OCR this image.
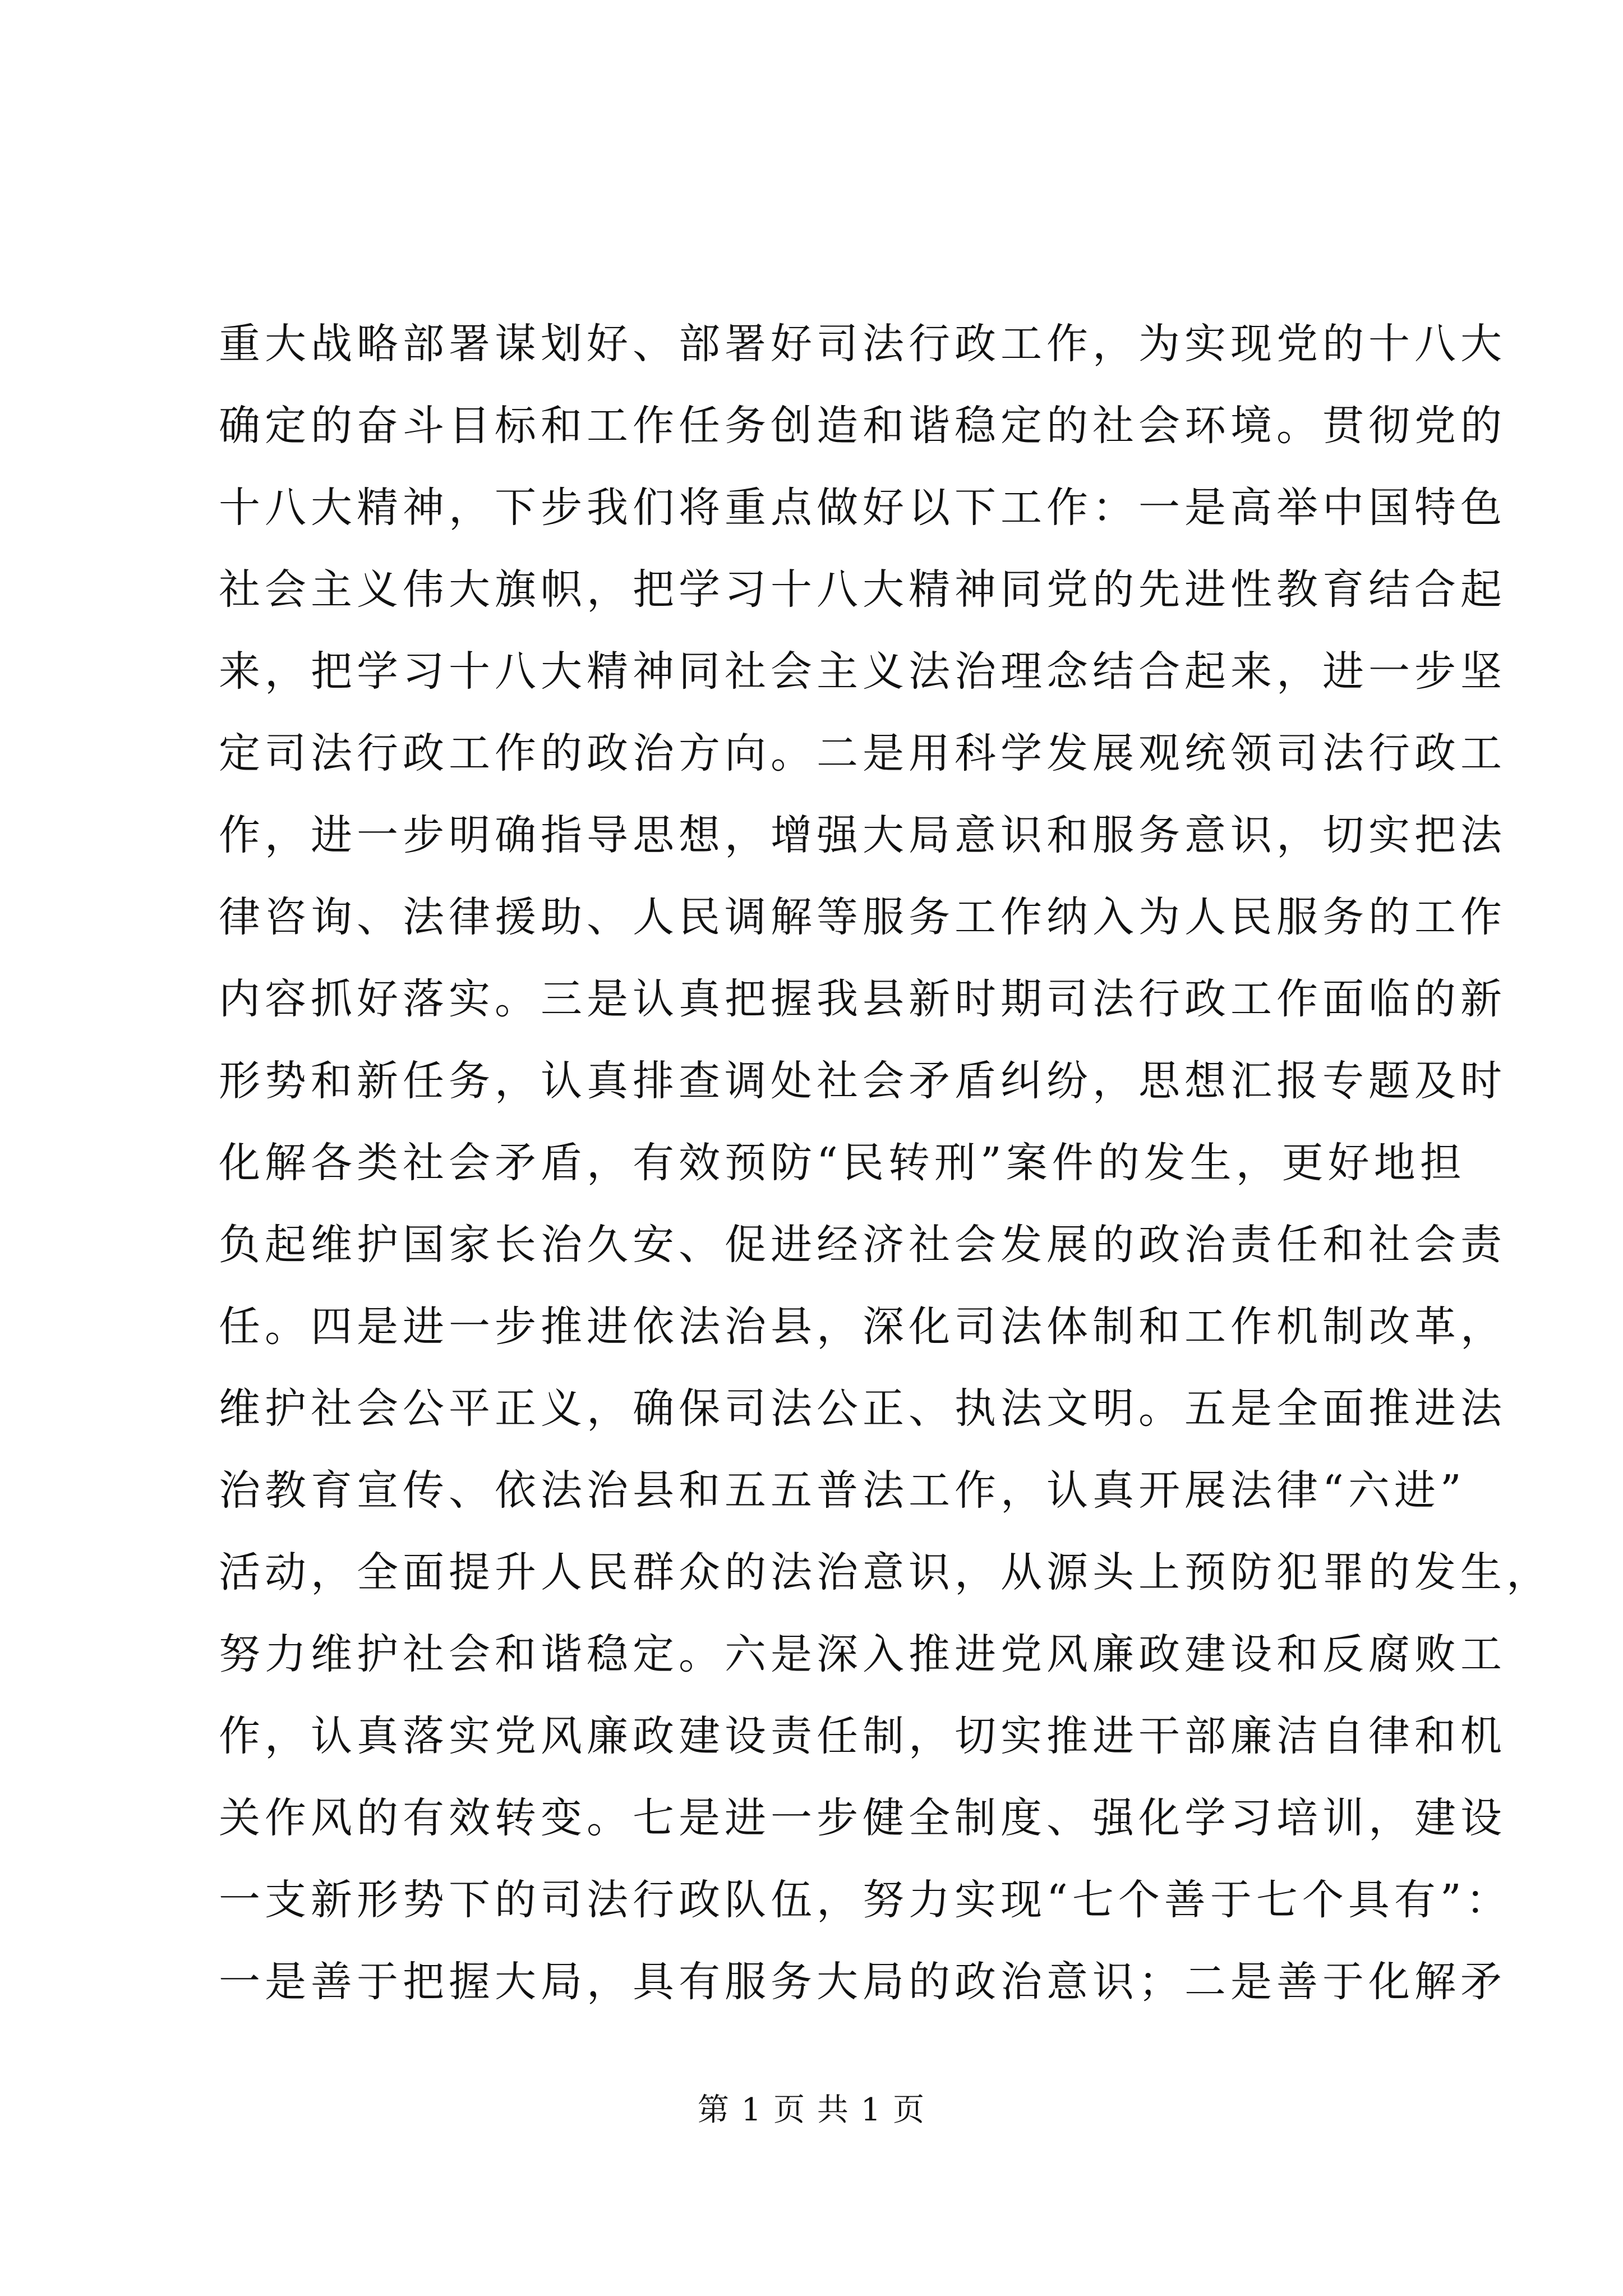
重大战略部署谋划好、部署好司法行政工作，为实现党的十八大
确定的奋斗目标和工作任务创造和谐稳定的社会环境。贯彻党的
十八大精神，下步我们将重点做好以下工作：一是高举中国特色
社会主义伟大旗帜，把学习十八大精神同党的先进性教育结合起
来，把学习十八大精神同社会主义法治理念结合起来，进一步坚
定司法行政工作的政治方向。二是用科学发展观统领司法行政工
作，进一步明确指导思想，增强大局意识和服务意识，切实把法
律咨询、法律援助、人民调解等服务工作纳入为人民服务的工作
内容抓好落实。三是认真把握我县新时期司法行政工作面临的新
形势和新任务，认真排查调处社会矛盾纠纷，思想汇报专题及时
化解各类社会矛盾，有效预防“民转刑”案件的发生，更好地担
负起维护国家长治久安、促进经济社会发展的政治责任和社会责
任。四是进一步推进依法治县，深化司法体制和工作机制改革，
维护社会公平正义，确保司法公正、执法文明。五是全面推进法
治教育宣传、依法治县和五五普法工作，认真开展法律“六进”
活动，全面提升人民群众的法治意识，从源头上预防犯罪的发生，
努力维护社会和谐稳定。六是深入推进党风廉政建设和反腐败工
作，认真落实党风廉政建设责任制，切实推进干部廉洁自律和机
关作风的有效转变。七是进一步健全制度、强化学习培训，建设
一支新形势下的司法行政队伍，努力实现“七个善于七个具有”：
一是善于把握大局，具有服务大局的政治意识；二是善于化解矛
第 1 页 共 1 页
